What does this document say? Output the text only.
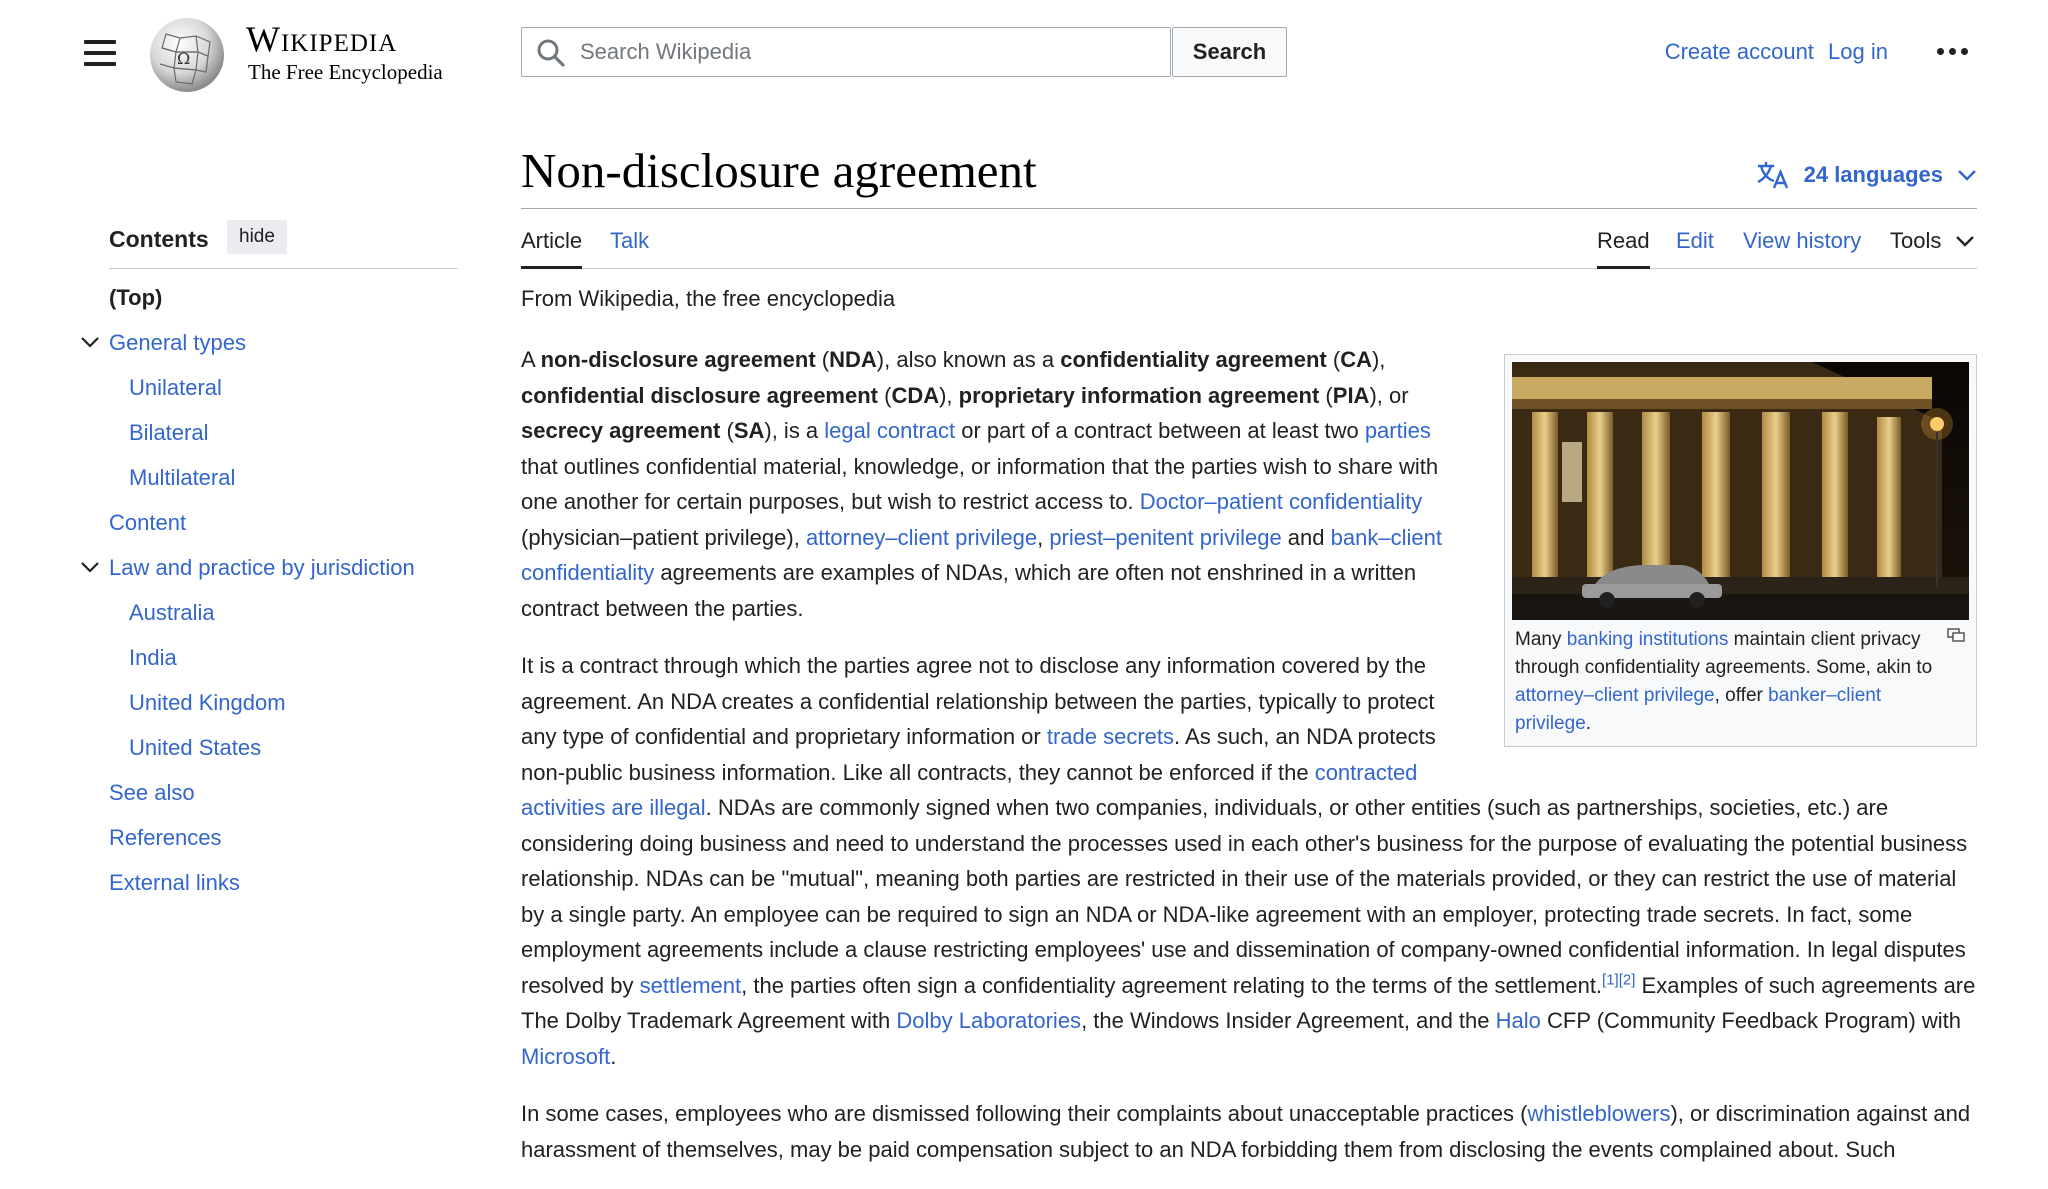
Ω Wikipedia
The Free Encyclopedia
Search Wikipedia
Search	Create account Log in
Contents	hide
(Top)
General types
Unilateral
Bilateral
Multilateral
Content
Law and practice by jurisdiction
Australia
India
United Kingdom
United States
See also
References
External links
Non-disclosure agreement	24 languages
Article Talk	Read Edit View history Tools
From Wikipedia, the free encyclopedia
Many banking institutions maintain client privacy through confidentiality agreements. Some, akin to attorney–client privilege, offer banker–client privilege.

A non-disclosure agreement (NDA), also known as a confidentiality agreement (CA), confidential disclosure agreement (CDA), proprietary information agreement (PIA), or secrecy agreement (SA), is a legal contract or part of a contract between at least two parties that outlines confidential material, knowledge, or information that the parties wish to share with one another for certain purposes, but wish to restrict access to. Doctor–patient confidentiality (physician–patient privilege), attorney–client privilege, priest–penitent privilege and bank–client confidentiality agreements are examples of NDAs, which are often not enshrined in a written contract between the parties.

It is a contract through which the parties agree not to disclose any information covered by the agreement. An NDA creates a confidential relationship between the parties, typically to protect any type of confidential and proprietary information or trade secrets. As such, an NDA protects non-public business information. Like all contracts, they cannot be enforced if the contracted activities are illegal. NDAs are commonly signed when two companies, individuals, or other entities (such as partnerships, societies, etc.) are considering doing business and need to understand the processes used in each other's business for the purpose of evaluating the potential business relationship. NDAs can be "mutual", meaning both parties are restricted in their use of the materials provided, or they can restrict the use of material by a single party. An employee can be required to sign an NDA or NDA-like agreement with an employer, protecting trade secrets. In fact, some employment agreements include a clause restricting employees' use and dissemination of company-owned confidential information. In legal disputes resolved by settlement, the parties often sign a confidentiality agreement relating to the terms of the settlement.[1][2] Examples of such agreements are The Dolby Trademark Agreement with Dolby Laboratories, the Windows Insider Agreement, and the Halo CFP (Community Feedback Program) with Microsoft.

In some cases, employees who are dismissed following their complaints about unacceptable practices (whistleblowers), or discrimination against and harassment of themselves, may be paid compensation subject to an NDA forbidding them from disclosing the events complained about. Such
